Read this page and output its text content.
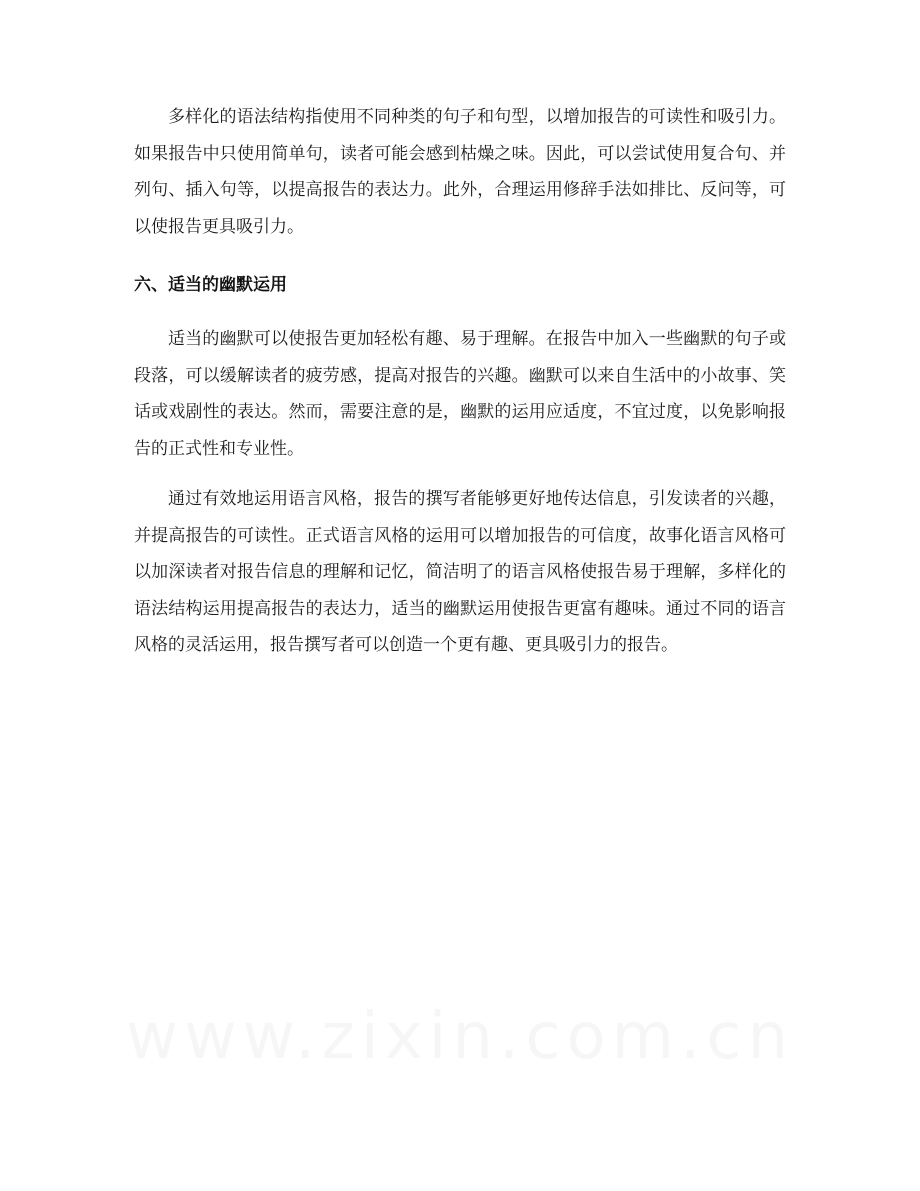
多样化的语法结构指使用不同种类的句子和句型，以增加报告的可读性和吸引力。如果报告中只使用简单句，读者可能会感到枯燥之味。因此，可以尝试使用复合句、并列句、插入句等，以提高报告的表达力。此外，合理运用修辞手法如排比、反问等，可以使报告更具吸引力。

六、适当的幽默运用

适当的幽默可以使报告更加轻松有趣、易于理解。在报告中加入一些幽默的句子或段落，可以缓解读者的疲劳感，提高对报告的兴趣。幽默可以来自生活中的小故事、笑话或戏剧性的表达。然而，需要注意的是，幽默的运用应适度，不宜过度，以免影响报告的正式性和专业性。

通过有效地运用语言风格，报告的撰写者能够更好地传达信息，引发读者的兴趣，并提高报告的可读性。正式语言风格的运用可以增加报告的可信度，故事化语言风格可以加深读者对报告信息的理解和记忆，简洁明了的语言风格使报告易于理解，多样化的语法结构运用提高报告的表达力，适当的幽默运用使报告更富有趣味。通过不同的语言风格的灵活运用，报告撰写者可以创造一个更有趣、更具吸引力的报告。
